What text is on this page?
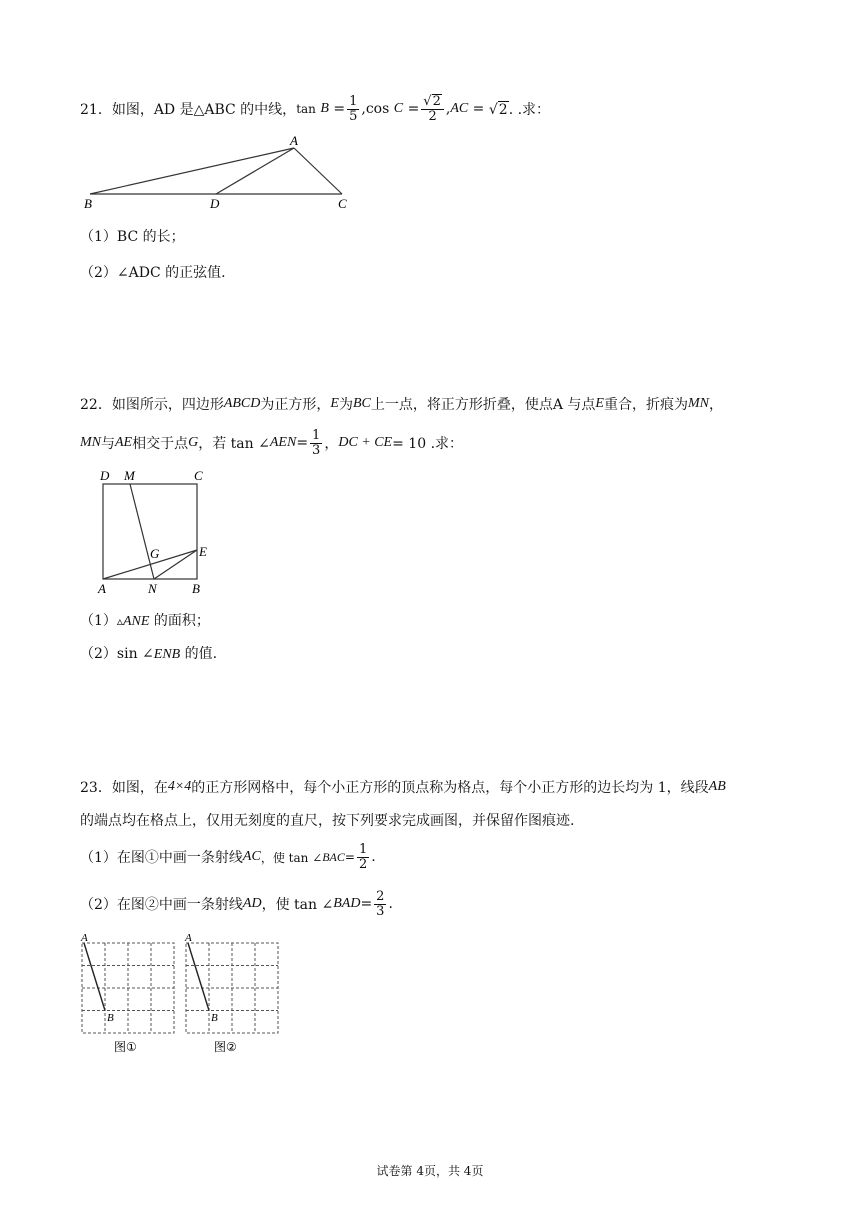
21．如图，AD 是△ABC 的中线， tan
B
= $\frac{1}{5}$ , cos
C
= $\frac{√ 2}{2}$ , AC
=
√ 2 . .求：
A
B	D	C
（1）BC 的长；
（2）∠ADC 的正弦值.
22．如图所示，四边形 ABCD 为正方形， E 为 BC 上一点，将正方形折叠，使点A 与点 E 重合，折痕为 MN ，
MN 与 AE 相交于点 G ，若 tan ∠ AEN = $\frac{1}{3}$ ， DC + CE = 10 .求：
D M	C
G	E
A	N	B
（1）▵ANE 的面积；
（2）sin ∠ENB 的值.
23．如图，在 4×4 的正方形网格中，每个小正方形的顶点称为格点，每个小正方形的边长均为 1，线段 AB
的端点均在格点上，仅用无刻度的直尺，按下列要求完成画图，并保留作图痕迹.
（1）在图①中画一条射线 AC ，使 tan ∠ BAC = $\frac{1}{2}$ .
（2）在图②中画一条射线 AD ，使 tan ∠ BAD = $\frac{2}{3}$ .
A
B
图①
A
B
图②
试卷第 4页，共 4页
